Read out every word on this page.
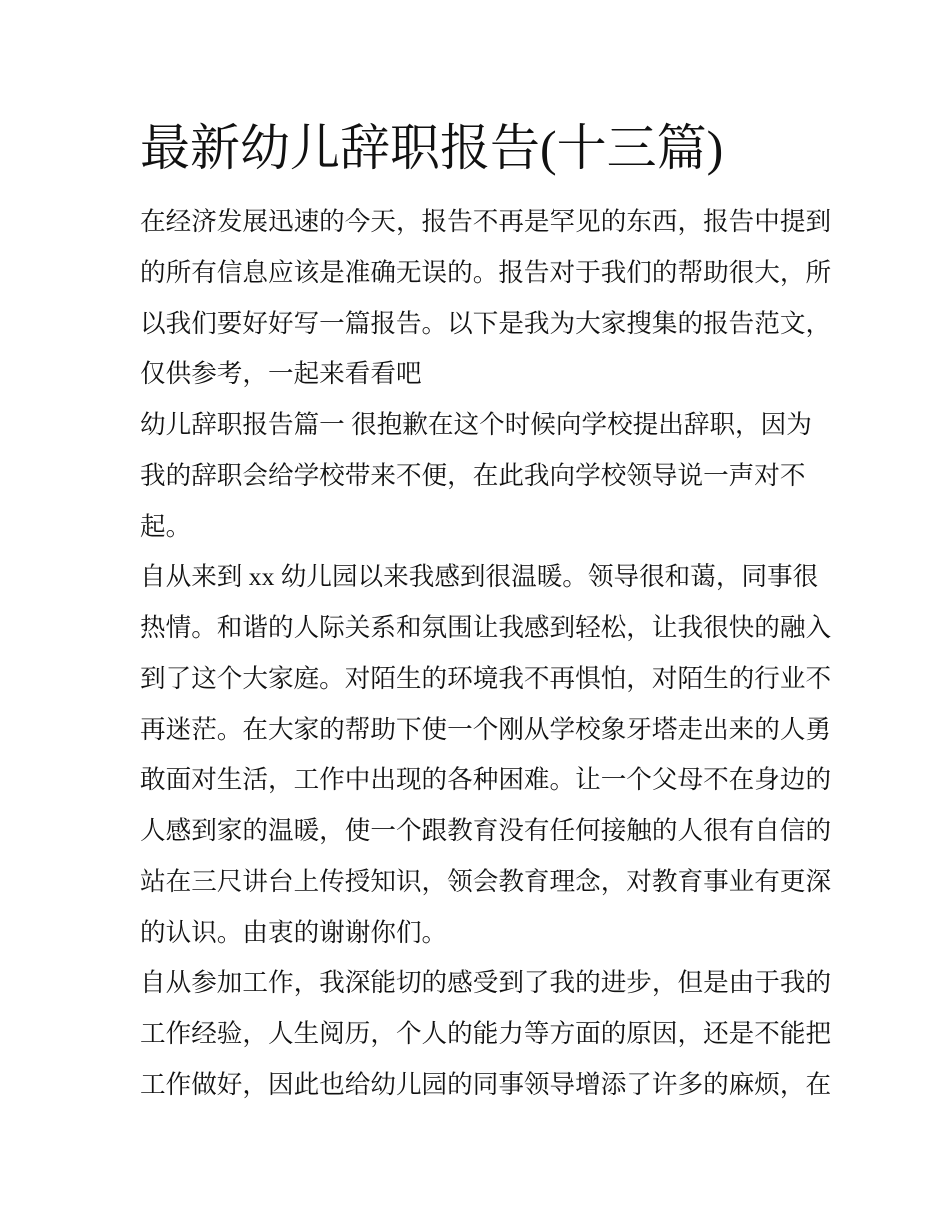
最新幼儿辞职报告(十三篇)
在经济发展迅速的今天，报告不再是罕见的东西，报告中提到
的所有信息应该是准确无误的。报告对于我们的帮助很大，所
以我们要好好写一篇报告。以下是我为大家搜集的报告范文，
仅供参考，一起来看看吧
幼儿辞职报告篇一 很抱歉在这个时候向学校提出辞职，因为
我的辞职会给学校带来不便，在此我向学校领导说一声对不
起。
自从来到 xx 幼儿园以来我感到很温暖。领导很和蔼，同事很
热情。和谐的人际关系和氛围让我感到轻松，让我很快的融入
到了这个大家庭。对陌生的环境我不再惧怕，对陌生的行业不
再迷茫。在大家的帮助下使一个刚从学校象牙塔走出来的人勇
敢面对生活，工作中出现的各种困难。让一个父母不在身边的
人感到家的温暖，使一个跟教育没有任何接触的人很有自信的
站在三尺讲台上传授知识，领会教育理念，对教育事业有更深
的认识。由衷的谢谢你们。
自从参加工作，我深能切的感受到了我的进步，但是由于我的
工作经验，人生阅历，个人的能力等方面的原因，还是不能把
工作做好，因此也给幼儿园的同事领导增添了许多的麻烦，在
